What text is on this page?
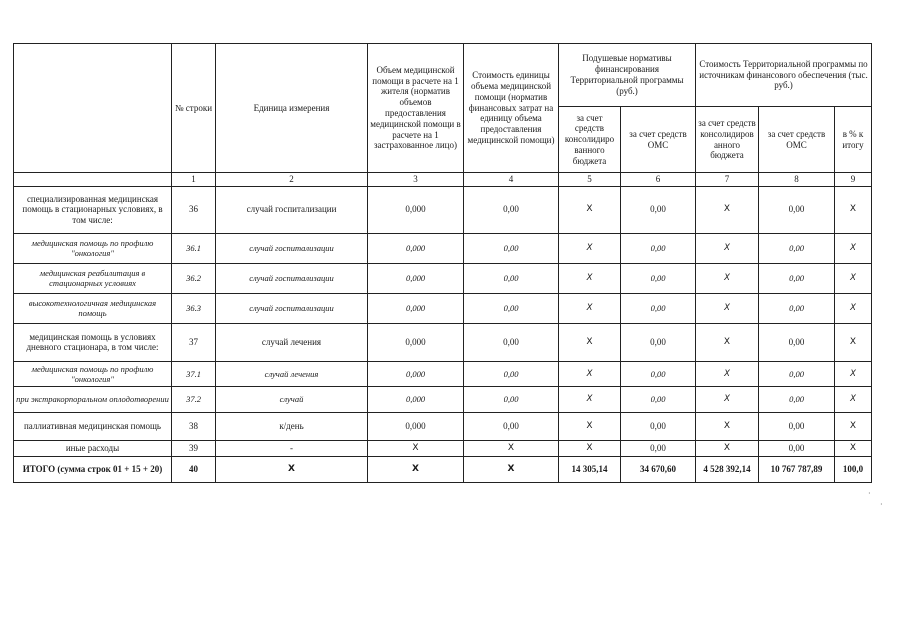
	№ строки	Единица измерения	Объем медицинской помощи в расчете на 1 жителя (норматив объемов предоставления медицинской помощи в расчете на 1 застрахованное лицо)	Стоимость единицы объема медицинской помощи (норматив финансовых затрат на единицу объема предоставления медицинской помощи)	Подушевые нормативы финансирования Территориальной программы (руб.)		Стоимость Территориальной программы по источникам финансового обеспечения (тыс. руб.)		
					за счет средств консолидиро ванного бюджета	за счет средств ОМС	за счет средств консолидиров анного бюджета	за счет средств ОМС	в % к итогу
	1	2	3	4	5	6	7	8	9
специализированная медицинская помощь в стационарных условиях, в том числе:	36	случай госпитализации	0,000	0,00	X	0,00	X	0,00	X
медицинская помощь по профилю "онкология"	36.1	случай госпитализации	0,000	0,00	X	0,00	X	0,00	X
медицинская реабилитация в стационарных условиях	36.2	случай госпитализации	0,000	0,00	X	0,00	X	0,00	X
высокотехнологичная медицинская помощь	36.3	случай госпитализации	0,000	0,00	X	0,00	X	0,00	X
медицинская помощь в условиях дневного стационара, в том числе:	37	случай лечения	0,000	0,00	X	0,00	X	0,00	X
медицинская помощь по профилю "онкология"	37.1	случай лечения	0,000	0,00	X	0,00	X	0,00	X
при экстракорпоральном оплодотворении	37.2	случай	0,000	0,00	X	0,00	X	0,00	X
паллиативная медицинская помощь	38	к/день	0,000	0,00	X	0,00	X	0,00	X
иные расходы	39	-	X	X	X	0,00	X	0,00	X
ИТОГО (сумма строк 01 + 15 + 20)	40	X	X	X	14 305,14	34 670,60	4 528 392,14	10 767 787,89	100,0
·
·
